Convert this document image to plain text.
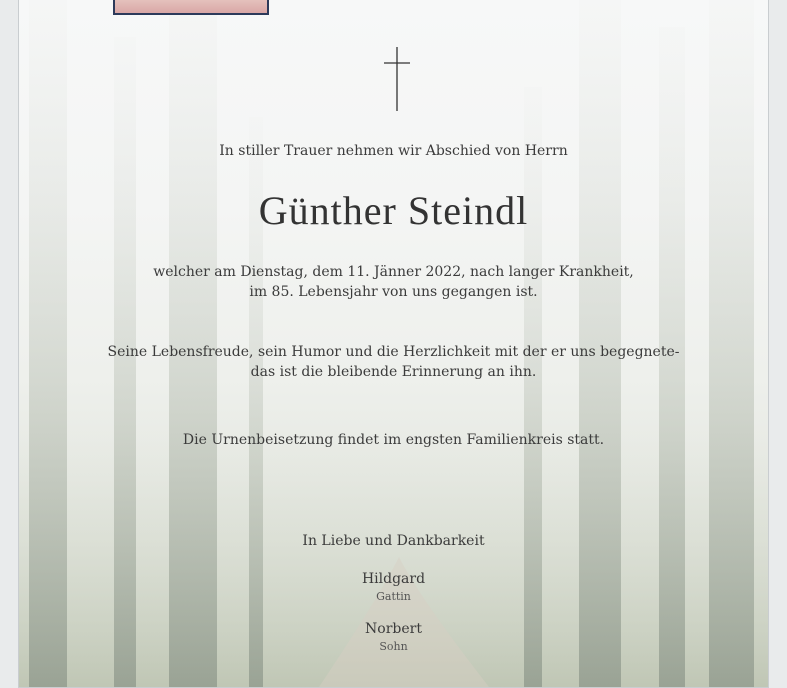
In stiller Trauer nehmen wir Abschied von Herrn
Günther Steindl
welcher am Dienstag, dem 11. Jänner 2022, nach langer Krankheit,
im 85. Lebensjahr von uns gegangen ist.
Seine Lebensfreude, sein Humor und die Herzlichkeit mit der er uns begegnete-
das ist die bleibende Erinnerung an ihn.
Die Urnenbeisetzung findet im engsten Familienkreis statt.
In Liebe und Dankbarkeit
Hildgard
Gattin
Norbert
Sohn
